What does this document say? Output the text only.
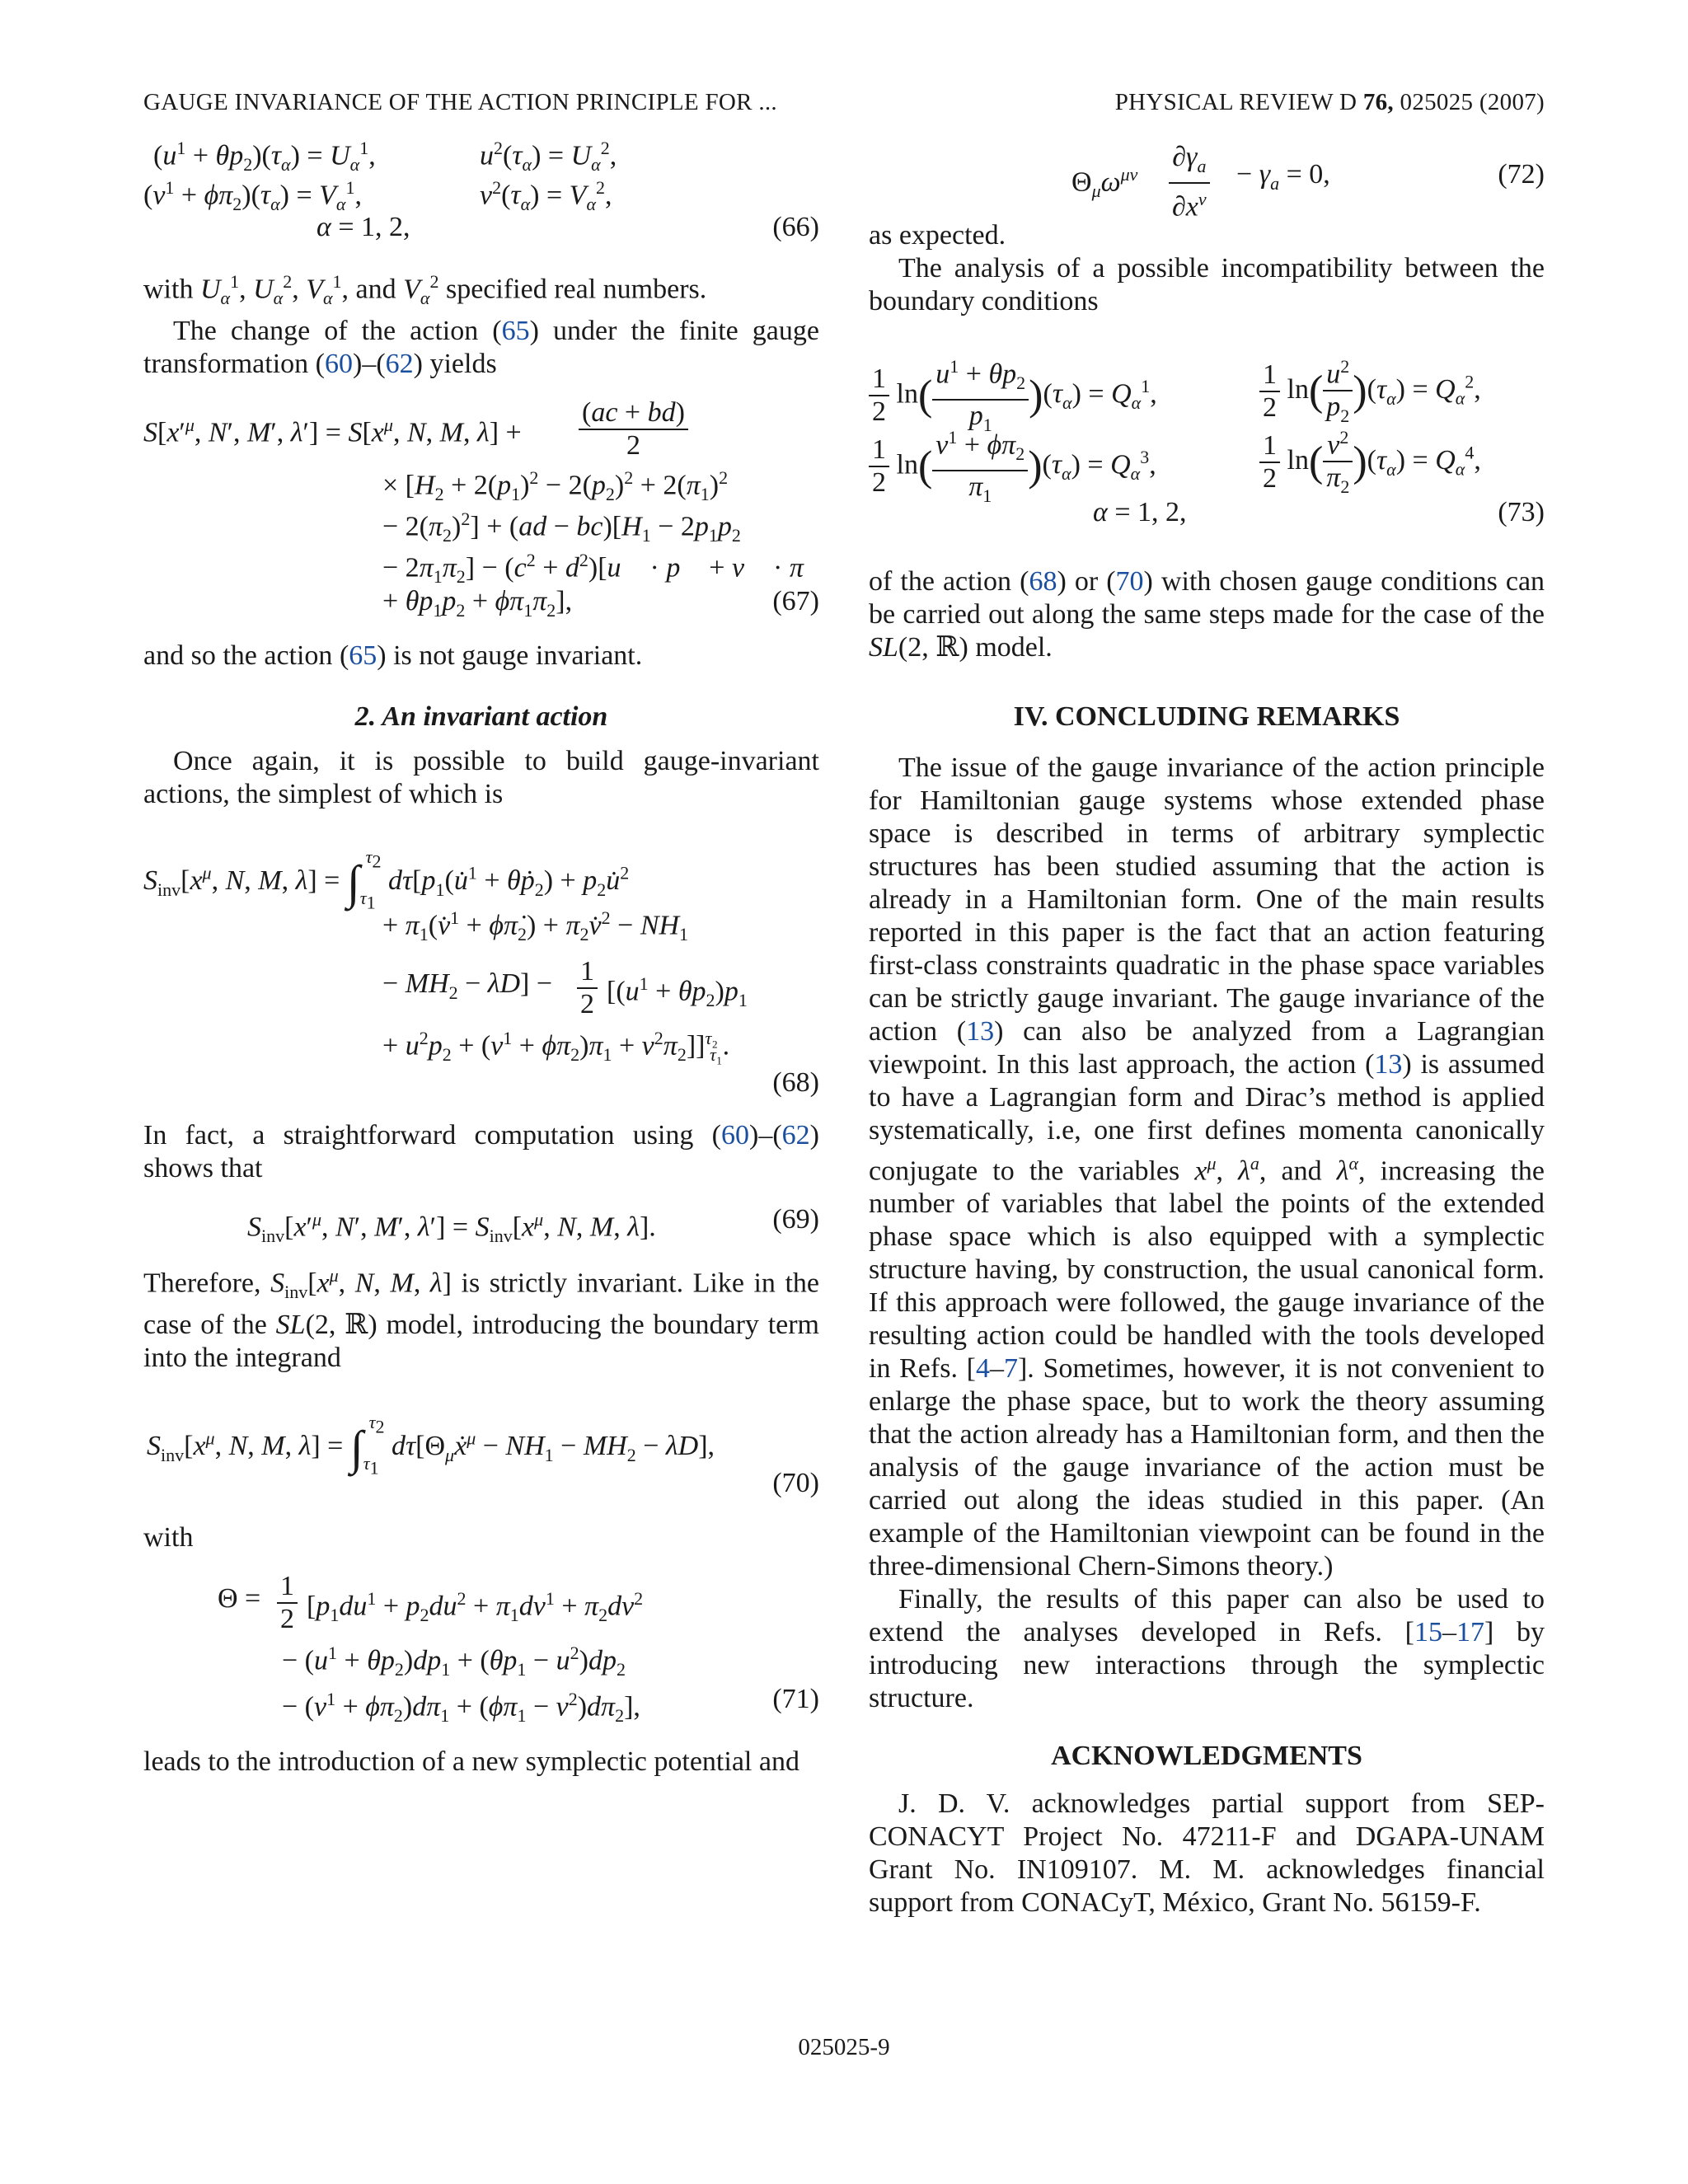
GAUGE INVARIANCE OF THE ACTION PRINCIPLE FOR ...	PHYSICAL REVIEW D 76, 025025 (2007)
$(u^1 + \theta p_2)(\tau_\alpha) = U_\alpha^1$,	$u^2(\tau_\alpha) = U_\alpha^2$,
$(v^1 + \phi\pi_2)(\tau_\alpha) = V_\alpha^1$,	$v^2(\tau_\alpha) = V_\alpha^2$,
α = 1, 2,	(66)

with $U_\alpha^1$, $U_\alpha^2$, $V_\alpha^1$, and $V_\alpha^2$ specified real numbers.

The change of the action (65) under the finite gauge transformation (60)–(62) yields

$S[x'^\mu$, N′, M′, $\lambda'] = S[x^\mu$, N, M, $\lambda] + \frac{(ac + bd)}{2}$
× [$H_2 + 2(p_1)^2 - 2(p_2)^2 + 2(\pi_1)^2$
− $2(\pi_2)^2] + (ad - bc)[H_1 - 2p_1p_2$
− $2\pi_1\pi_2] - (c^2$ + $d^2)[u⃗$ · p⃗ + v⃗ · π⃗
+ $\theta p_1p_2 + \phi\pi_1\pi_2$],	(67)

and so the action (65) is not gauge invariant.

2. An invariant action

Once again, it is possible to build gauge-invariant actions, the simplest of which is

$S_{inv}[x^\mu$, N, M, $\lambda] = \int_{\tau_1}^{\tau_2}$ $d\tau[p_1(u̇^1$ + θṗ$_2$) + $p_2u̇^2$
+ $\pi_1(v̇^1$ + $\phi\pi̇_2$) + $\pi_2v̇^2 - NH_1$
− $MH_2 - \lambda D] - \frac{1}{2} [(u^1 + \theta p_2)p_1$
+ $u^2p_2 + (v^1 + \phi\pi_2)\pi_1 + v^2\pi_2]]^{\tau_2}_{\tau_1}$.
(68)

In fact, a straightforward computation using (60)–(62) shows that

$S_{inv}[x'^\mu$, N′, M′, $\lambda'] = S_{inv}[x^\mu$, N, M, λ].	(69)

Therefore, $S_{inv}[x^\mu$, N, M, λ] is strictly invariant. Like in the case of the SL(2, ℝ) model, introducing the boundary term into the integrand

$S_{inv}[x^\mu$, N, M, $\lambda] = \int_{\tau_1}^{\tau_2}$ $d\tau[\Theta_\mu ẋ^\mu - NH_1 - MH_2 - \lambda D]$,
(70)

with

$\Theta = \frac{1}{2} [p_1du^1 + p_2du^2 + \pi_1dv^1 + \pi_2dv^2$
− $(u^1 + \theta p_2)dp_1 + (\theta p_1 - u^2)dp_2$
− $(v^1 + \phi\pi_2)d\pi_1 + (\phi\pi_1 - v^2)d\pi_2$],	(71)

leads to the introduction of a new symplectic potential and

$\Theta_\mu\omega^{\mu\nu} \frac{\partial\gamma_a}{\partial x^\nu} - \gamma_a = 0$,	(72)

as expected.

The analysis of a possible incompatibility between the boundary conditions

$\frac{1}{2} \ln( \frac{u^1 + \theta p_2}{p_1} )(\tau_\alpha) = Q_\alpha^1$,	$\frac{1}{2} \ln( \frac{u^2}{p_2} )(\tau_\alpha) = Q_\alpha^2$,
$\frac{1}{2} \ln( \frac{v^1 + \phi\pi_2}{\pi_1} )(\tau_\alpha) = Q_\alpha^3$,	$\frac{1}{2} \ln( \frac{v^2}{\pi_2} )(\tau_\alpha) = Q_\alpha^4$,
α = 1, 2,	(73)

of the action (68) or (70) with chosen gauge conditions can be carried out along the same steps made for the case of the SL(2, ℝ) model.

IV. CONCLUDING REMARKS

The issue of the gauge invariance of the action principle for Hamiltonian gauge systems whose extended phase space is described in terms of arbitrary symplectic structures has been studied assuming that the action is already in a Hamiltonian form. One of the main results reported in this paper is the fact that an action featuring first-class constraints quadratic in the phase space variables can be strictly gauge invariant. The gauge invariance of the action (13) can also be analyzed from a Lagrangian viewpoint. In this last approach, the action (13) is assumed to have a Lagrangian form and Dirac’s method is applied systematically, i.e, one first defines momenta canonically conjugate to the variables $x^\mu$, $\lambda^a$, and $\lambda^\alpha$, increasing the number of variables that label the points of the extended phase space which is also equipped with a symplectic structure having, by construction, the usual canonical form. If this approach were followed, the gauge invariance of the resulting action could be handled with the tools developed in Refs. [4–7]. Sometimes, however, it is not convenient to enlarge the phase space, but to work the theory assuming that the action already has a Hamiltonian form, and then the analysis of the gauge invariance of the action must be carried out along the ideas studied in this paper. (An example of the Hamiltonian viewpoint can be found in the three-dimensional Chern-Simons theory.)

Finally, the results of this paper can also be used to extend the analyses developed in Refs. [15–17] by introducing new interactions through the symplectic structure.

ACKNOWLEDGMENTS

J. D. V. acknowledges partial support from SEP-CONACYT Project No. 47211-F and DGAPA-UNAM Grant No. IN109107. M. M. acknowledges financial support from CONACyT, México, Grant No. 56159-F.

025025-9
